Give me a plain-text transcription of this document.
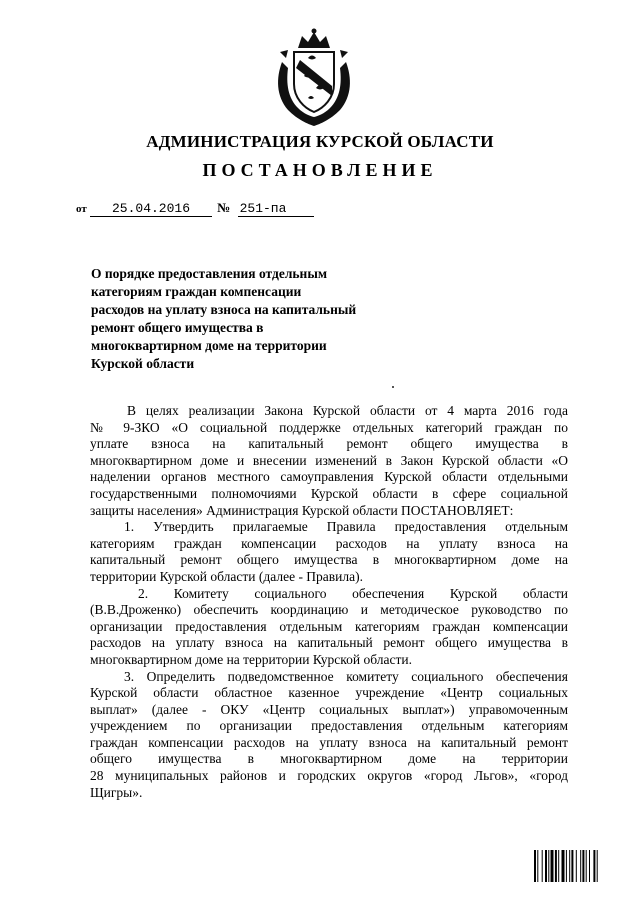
АДМИНИСТРАЦИЯ КУРСКОЙ ОБЛАСТИ
ПОСТАНОВЛЕНИЕ
от 25.04.2016 № 251-па
О порядке предоставления отдельным
категориям граждан компенсации
расходов на уплату взноса на капитальный
ремонт общего имущества в
многоквартирном доме на территории
Курской области

В целях реализации Закона Курской области от 4 марта 2016 года

№ 9-ЗКО «О социальной поддержке отдельных категорий граждан по

уплате взноса на капитальный ремонт общего имущества в

многоквартирном доме и внесении изменений в Закон Курской области «О

наделении органов местного самоуправления Курской области отдельными

государственными полномочиями Курской области в сфере социальной

защиты населения» Администрация Курской области ПОСТАНОВЛЯЕТ:

1. Утвердить прилагаемые Правила предоставления отдельным

категориям граждан компенсации расходов на уплату взноса на

капитальный ремонт общего имущества в многоквартирном доме на

территории Курской области (далее - Правила).

2. Комитету социального обеспечения Курской области

(В.В.Дроженко) обеспечить координацию и методическое руководство по

организации предоставления отдельным категориям граждан компенсации

расходов на уплату взноса на капитальный ремонт общего имущества в

многоквартирном доме на территории Курской области.

3. Определить подведомственное комитету социального обеспечения

Курской области областное казенное учреждение «Центр социальных

выплат» (далее - ОКУ «Центр социальных выплат») управомоченным

учреждением по организации предоставления отдельным категориям

граждан компенсации расходов на уплату взноса на капитальный ремонт

общего имущества в многоквартирном доме на территории

28 муниципальных районов и городских округов «город Льгов», «город

Щигры».
